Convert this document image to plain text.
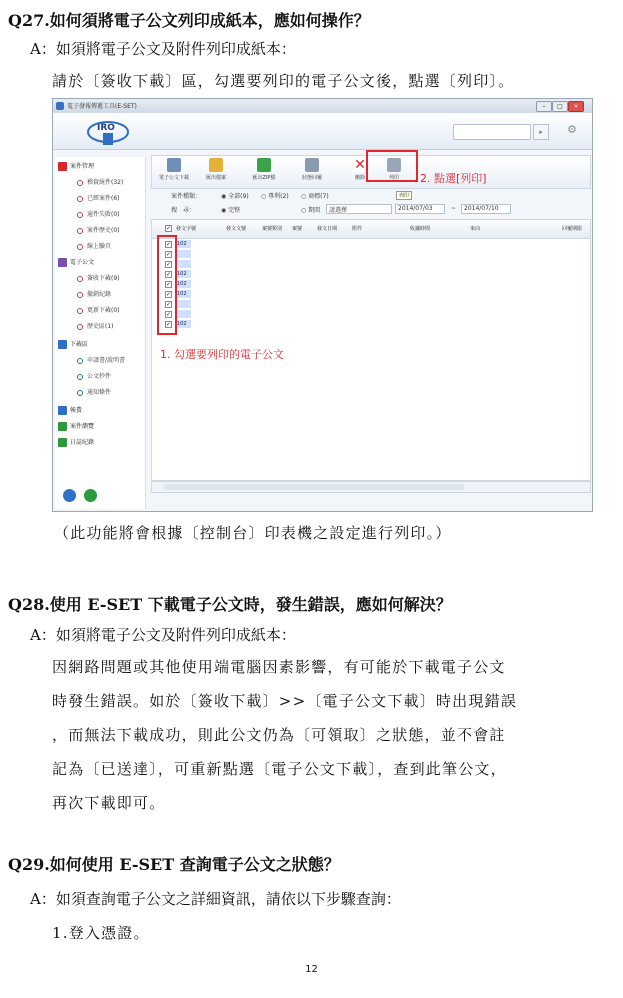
Q27.如何須將電子公文列印成紙本，應如何操作？
A：如須將電子公文及附件列印成紙本：
請於〔簽收下載〕區，勾選要列印的電子公文後，點選〔列印〕。
電子發報傳遞工具(E-SET)	–	□	×
IRO	▸	⚙
案件管理
稽資統件(32)
已經案件(6)
逾件失敗(0)
案件歷史(0)
線上驗頁
電子公文
簽收下載(9)
撤銷紀錄
更新下載(0)
歷史區(1)
下載區
申請書/說明書
公文抄件
通知條件
帳費
案件瀏覽
日誌紀錄

電子公文下載	匯出檔案	匯出ZIP檔	狀態回覆
✕
刪除	列印
列印
案件種類：	◉ 全部(9) ○ 專利(2) ○ 商標(7)
搜　尋：	◉ 完整	○ 期間	請選擇	2014/07/03	~	2014/07/10
✓ 發文字號	發文文號	案號類別 案號	發文日期	附件	收據時間	來向	回覆期限
✓ (102
✓
✓
✓ (102
✓ (102
✓ (102
✓
✓
✓ (102
2. 點選[列印]
1. 勾選要列印的電子公文
（此功能將會根據〔控制台〕印表機之設定進行列印。）
Q28.使用 E-SET 下載電子公文時，發生錯誤，應如何解決？
A：如須將電子公文及附件列印成紙本：
因網路問題或其他使用端電腦因素影響，有可能於下載電子公文
時發生錯誤。如於〔簽收下載〕>>〔電子公文下載〕時出現錯誤
，而無法下載成功，則此公文仍為〔可領取〕之狀態，並不會註
記為〔已送達〕，可重新點選〔電子公文下載〕，查到此筆公文，
再次下載即可。
Q29.如何使用 E-SET 查詢電子公文之狀態？
A：如須查詢電子公文之詳細資訊，請依以下步驟查詢：
1.登入憑證。
12
